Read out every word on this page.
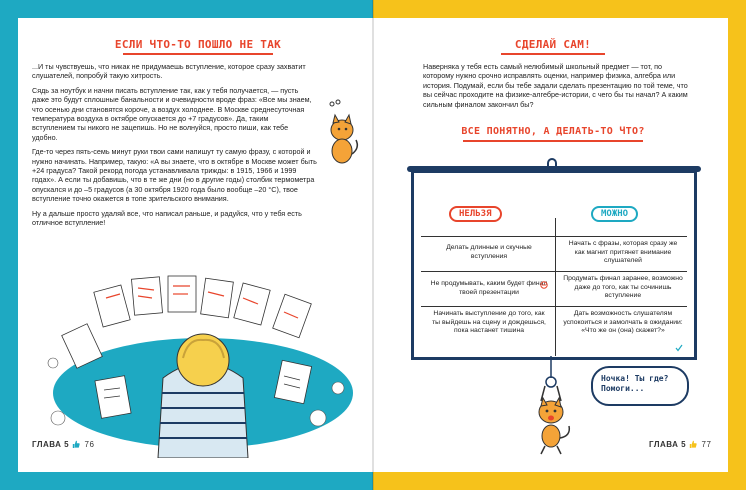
ЕСЛИ ЧТО-ТО ПОШЛО НЕ ТАК

...И ты чувствуешь, что никак не придумаешь вступление, которое сразу захватит слушателей, попробуй такую хитрость.

Сядь за ноутбук и начни писать вступление так, как у тебя получается, — пусть даже это будут сплошные банальности и очевидности вроде фраз: «Все мы знаем, что осенью дни становятся короче, а воздух холоднее. В Москве среднесуточная температура воздуха в октябре опускается до +7 градусов». Да, таким вступлением ты никого не зацепишь. Но не волнуйся, просто пиши, как тебе удобно.

Где-то через пять-семь минут руки твои сами напишут ту самую фразу, с которой и нужно начинать. Например, такую: «А вы знаете, что в октябре в Москве может быть +24 градуса? Такой рекорд погода устанавливала трижды: в 1915, 1966 и 1999 годах». А если ты добавишь, что в те же дни (но в другие годы) столбик термометра опускался и до –5 градусов (а 30 октября 1920 года было вообще –20 °С), твое вступление точно окажется в топе зрительского внимания.

Ну а дальше просто удаляй все, что написал раньше, и радуйся, что у тебя есть отличное вступление!

ГЛАВА 5 76
СДЕЛАЙ САМ!
Наверняка у тебя есть самый нелюбимый школьный предмет — тот, по которому нужно срочно исправлять оценки, например физика, алгебра или история. Подумай, если бы тебе задали сделать презентацию по той теме, что вы сейчас проходите на физике-алгебре-истории, с чего бы ты начал? А каким сильным финалом закончил бы?
ВСЕ ПОНЯТНО, А ДЕЛАТЬ-ТО ЧТО?
НЕЛЬЗЯ	МОЖНО
Делать длинные и скучные вступления
Начать с фразы, которая сразу же как магнит притянет внимание слушателей
Не продумывать, каким будет финал твоей презентации
Продумать финал заранее, возможно даже до того, как ты сочинишь вступление
Начинать выступление до того, как ты выйдешь на сцену и дождешься, пока настанет тишина
Дать возможность слушателям успокоиться и замолчать в ожидании: «Что же он (она) скажет?»
Ночка! Ты где? Помоги...
ГЛАВА 5 77
